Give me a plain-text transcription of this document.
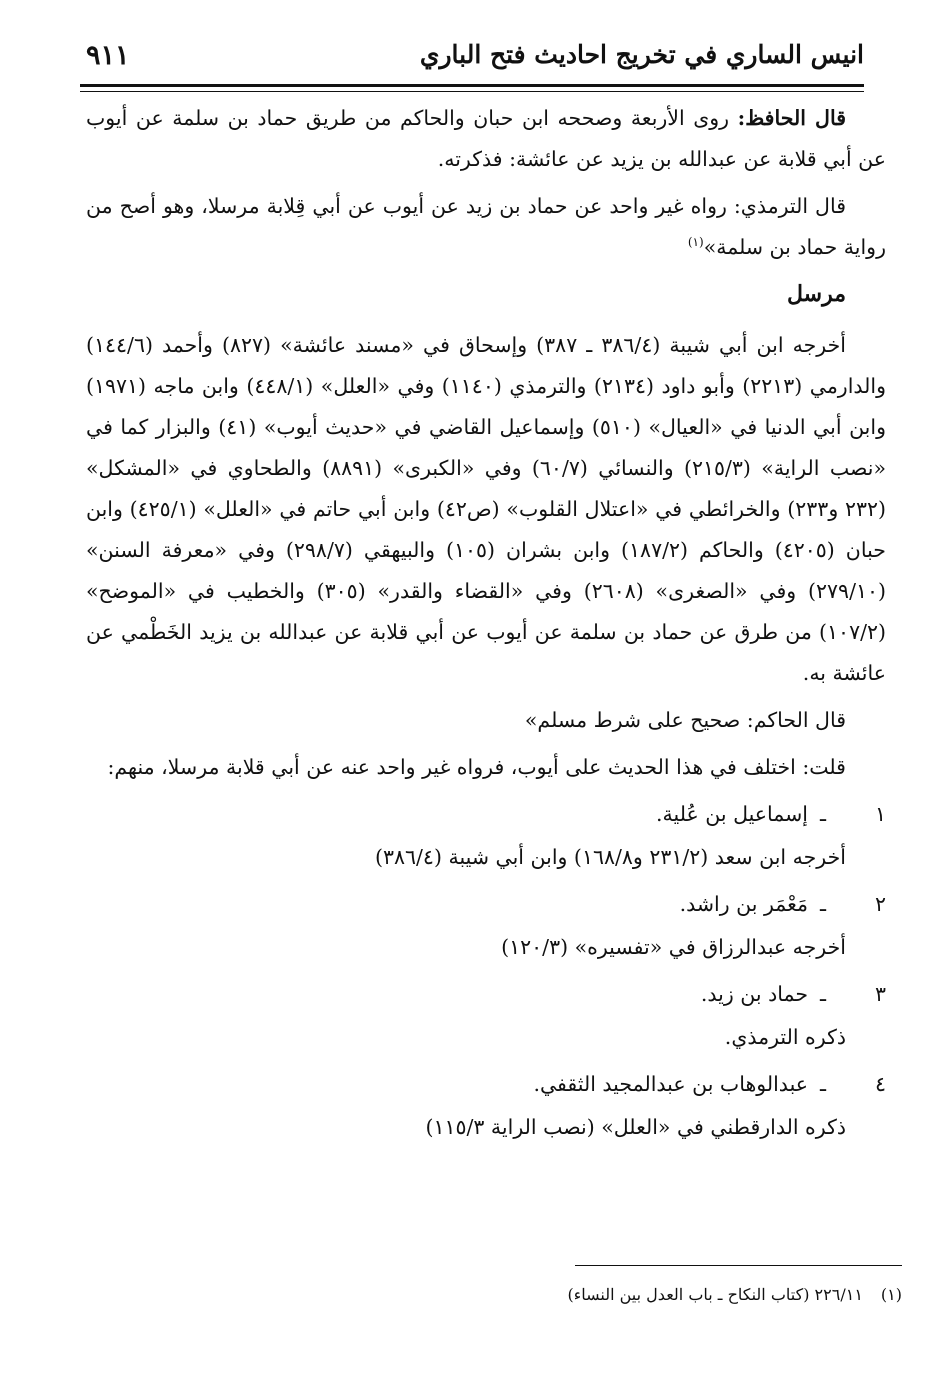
انيس الساري في تخريج احاديث فتح الباري
٩١١

قال الحافظ: روى الأربعة وصححه ابن حبان والحاكم من طريق حماد بن سلمة عن أيوب عن أبي قلابة عن عبدالله بن يزيد عن عائشة: فذكرته.

قال الترمذي: رواه غير واحد عن حماد بن زيد عن أيوب عن أبي قِلابة مرسلا، وهو أصح من رواية حماد بن سلمة»$^{(١)}$

مرسل

أخرجه ابن أبي شيبة (٣٨٦/٤ ـ ٣٨٧) وإسحاق في «مسند عائشة» (٨٢٧) وأحمد (١٤٤/٦) والدارمي (٢٢١٣) وأبو داود (٢١٣٤) والترمذي (١١٤٠) وفي «العلل» (٤٤٨/١) وابن ماجه (١٩٧١) وابن أبي الدنيا في «العيال» (٥١٠) وإسماعيل القاضي في «حديث أيوب» (٤١) والبزار كما في «نصب الراية» (٢١٥/٣) والنسائي (٦٠/٧) وفي «الكبرى» (٨٨٩١) والطحاوي في «المشكل» (٢٣٢ و٢٣٣) والخرائطي في «اعتلال القلوب» (ص٤٢) وابن أبي حاتم في «العلل» (٤٢٥/١) وابن حبان (٤٢٠٥) والحاكم (١٨٧/٢) وابن بشران (١٠٥) والبيهقي (٢٩٨/٧) وفي «معرفة السنن» (٢٧٩/١٠) وفي «الصغرى» (٢٦٠٨) وفي «القضاء والقدر» (٣٠٥) والخطيب في «الموضح» (١٠٧/٢) من طرق عن حماد بن سلمة عن أيوب عن أبي قلابة عن عبدالله بن يزيد الخَطْمي عن عائشة به.

قال الحاكم: صحيح على شرط مسلم»

قلت: اختلف في هذا الحديث على أيوب، فرواه غير واحد عنه عن أبي قلابة مرسلا، منهم:

١
ـ
إسماعيل بن عُلية.
أخرجه ابن سعد (٢٣١/٢ و١٦٨/٨) وابن أبي شيبة (٣٨٦/٤)
٢
ـ
مَعْمَر بن راشد.
أخرجه عبدالرزاق في «تفسيره» (١٢٠/٣)
٣
ـ
حماد بن زيد.
ذكره الترمذي.
٤
ـ
عبدالوهاب بن عبدالمجيد الثقفي.
ذكره الدارقطني في «العلل» (نصب الراية ١١٥/٣)
(١)٢٢٦/١١ (كتاب النكاح ـ باب العدل بين النساء)
